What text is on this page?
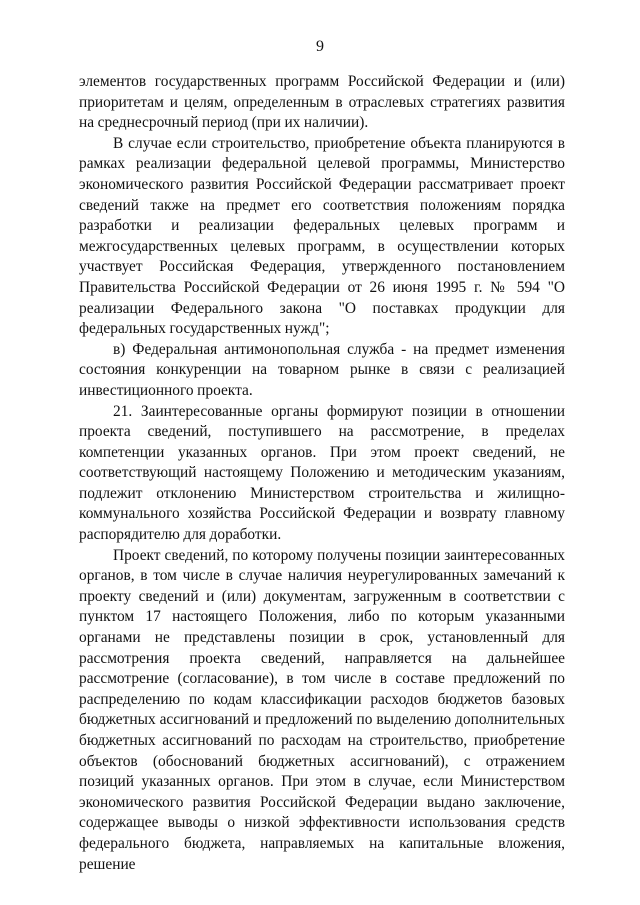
9

элементов государственных программ Российской Федерации и (или) приоритетам и целям, определенным в отраслевых стратегиях развития на среднесрочный период (при их наличии).

В случае если строительство, приобретение объекта планируются в рамках реализации федеральной целевой программы, Министерство экономического развития Российской Федерации рассматривает проект сведений также на предмет его соответствия положениям порядка разработки и реализации федеральных целевых программ и межгосударственных целевых программ, в осуществлении которых участвует Российская Федерация, утвержденного постановлением Правительства Российской Федерации от 26 июня 1995 г. № 594 "О реализации Федерального закона "О поставках продукции для федеральных государственных нужд";

в) Федеральная антимонопольная служба - на предмет изменения состояния конкуренции на товарном рынке в связи с реализацией инвестиционного проекта.

21. Заинтересованные органы формируют позиции в отношении проекта сведений, поступившего на рассмотрение, в пределах компетенции указанных органов. При этом проект сведений, не соответствующий настоящему Положению и методическим указаниям, подлежит отклонению Министерством строительства и жилищно-коммунального хозяйства Российской Федерации и возврату главному распорядителю для доработки.

Проект сведений, по которому получены позиции заинтересованных органов, в том числе в случае наличия неурегулированных замечаний к проекту сведений и (или) документам, загруженным в соответствии с пунктом 17 настоящего Положения, либо по которым указанными органами не представлены позиции в срок, установленный для рассмотрения проекта сведений, направляется на дальнейшее рассмотрение (согласование), в том числе в составе предложений по распределению по кодам классификации расходов бюджетов базовых бюджетных ассигнований и предложений по выделению дополнительных бюджетных ассигнований по расходам на строительство, приобретение объектов (обоснований бюджетных ассигнований), с отражением позиций указанных органов. При этом в случае, если Министерством экономического развития Российской Федерации выдано заключение, содержащее выводы о низкой эффективности использования средств федерального бюджета, направляемых на капитальные вложения, решение
